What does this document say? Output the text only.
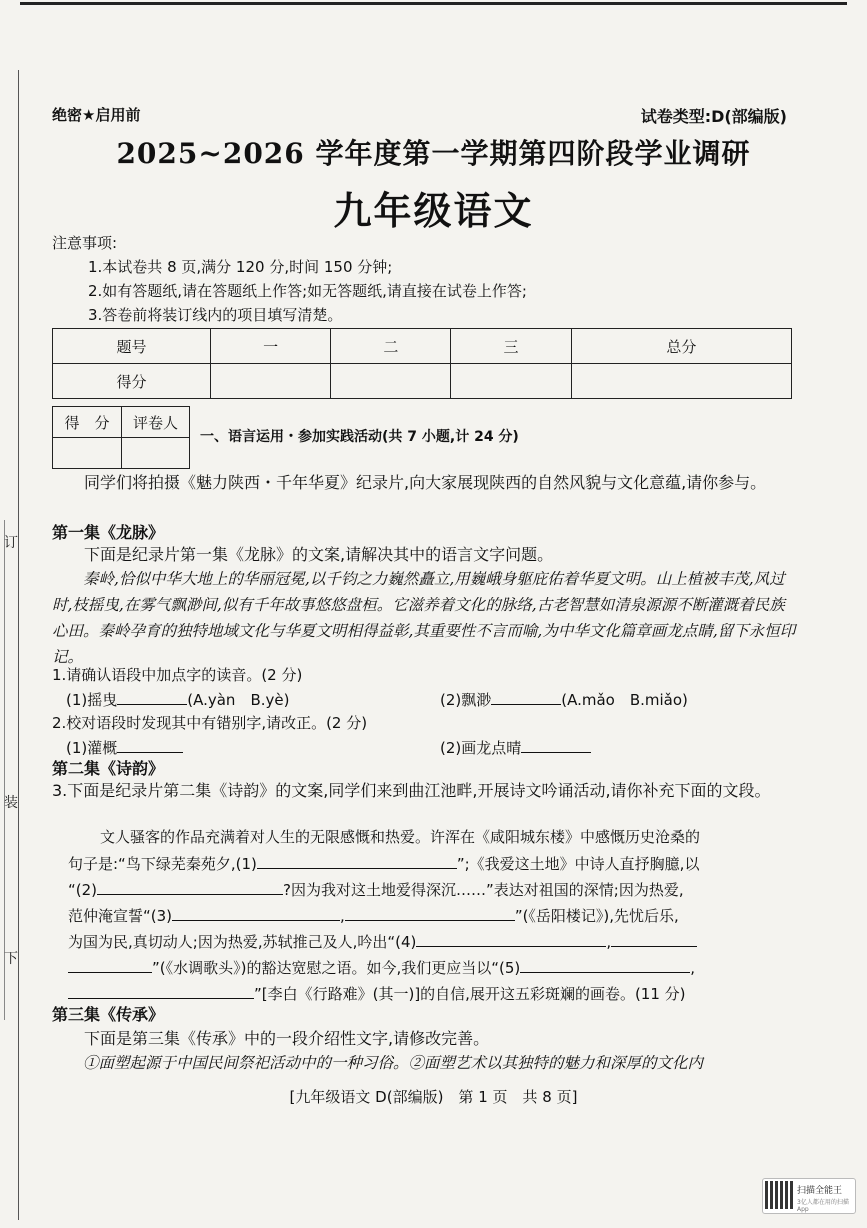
订
装
下
绝密★启用前	试卷类型:D(部编版)
2025~2026 学年度第一学期第四阶段学业调研
九年级语文
注意事项:
1.本试卷共 8 页,满分 120 分,时间 150 分钟;
2.如有答题纸,请在答题纸上作答;如无答题纸,请直接在试卷上作答;
3.答卷前将装订线内的项目填写清楚。
题号	一	二	三	总分
得分				
得　分	评卷人

一、语言运用・参加实践活动(共 7 小题,计 24 分)
同学们将拍摄《魅力陕西・千年华夏》纪录片,向大家展现陕西的自然风貌与文化意蕴,请你参与。
第一集《龙脉》
下面是纪录片第一集《龙脉》的文案,请解决其中的语言文字问题。
秦岭,恰似中华大地上的华丽冠冕,以千钧之力巍然矗立,用巍峨身躯庇佑着华夏文明。山上植被丰茂,风过时,枝摇曳,在雾气飘渺间,似有千年故事悠悠盘桓。它滋养着文化的脉络,古老智慧如清泉源源不断灌溉着民族心田。秦岭孕育的独特地域文化与华夏文明相得益彰,其重要性不言而喻,为中华文化篇章画龙点睛,留下永恒印记。
1.请确认语段中加点字的读音。(2 分)
(1)摇曳	(A.yàn　B.yè)	(2)飘渺	(A.mǎo　B.miǎo)
2.校对语段时发现其中有错别字,请改正。(2 分)
(1)灌概	(2)画龙点晴
第二集《诗韵》
3.下面是纪录片第二集《诗韵》的文案,同学们来到曲江池畔,开展诗文吟诵活动,请你补充下面的文段。
文人骚客的作品充满着对人生的无限感慨和热爱。许浑在《咸阳城东楼》中感慨历史沧桑的
句子是:“鸟下绿芜秦苑夕,(1)	”;《我爱这土地》中诗人直抒胸臆,以
“(2)	?因为我对这土地爱得深沉……”表达对祖国的深情;因为热爱,
范仲淹宣誓“(3)	,	”(《岳阳楼记》),先忧后乐,
为国为民,真切动人;因为热爱,苏轼推己及人,吟出“(4)	,
”(《水调歌头》)的豁达宽慰之语。如今,我们更应当以“(5)	,
”[李白《行路难》(其一)]的自信,展开这五彩斑斓的画卷。(11 分)
第三集《传承》
下面是第三集《传承》中的一段介绍性文字,请修改完善。
①面塑起源于中国民间祭祀活动中的一种习俗。②面塑艺术以其独特的魅力和深厚的文化内
[九年级语文 D(部编版)　第 1 页　共 8 页]
扫描全能王
3亿人都在用的扫描App
